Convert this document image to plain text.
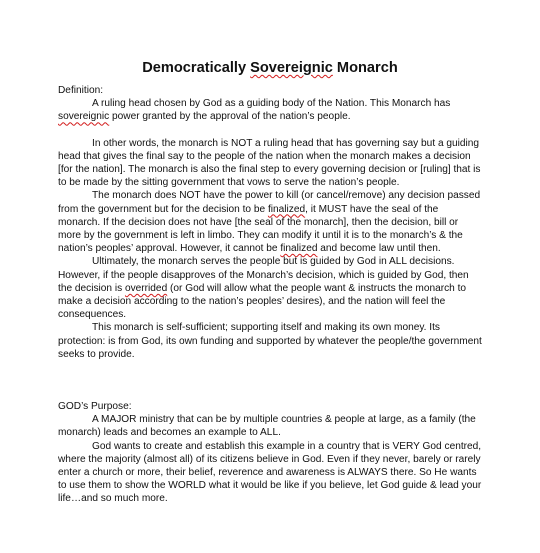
Democratically Sovereignic Monarch

Definition:

A ruling head chosen by God as a guiding body of the Nation. This Monarch has sovereignic power granted by the approval of the nation’s people.

In other words, the monarch is NOT a ruling head that has governing say but a guiding head that gives the final say to the people of the nation when the monarch makes a decision [for the nation]. The monarch is also the final step to every governing decision or [ruling] that is to be made by the sitting government that vows to serve the nation’s people.

The monarch does NOT have the power to kill (or cancel/remove) any decision passed from the government but for the decision to be finalized, it MUST have the seal of the monarch. If the decision does not have [the seal of the monarch], then the decision, bill or more by the government is left in limbo. They can modify it until it is to the monarch’s & the nation’s peoples’ approval. However, it cannot be finalized and become law until then.

Ultimately, the monarch serves the people but is guided by God in ALL decisions. However, if the people disapproves of the Monarch’s decision, which is guided by God, then the decision is overrided (or God will allow what the people want & instructs the monarch to make a decision according to the nation’s peoples’ desires), and the nation will feel the consequences.

This monarch is self-sufficient; supporting itself and making its own money. Its protection: is from God, its own funding and supported by whatever the people/the government seeks to provide.

GOD’s Purpose:

A MAJOR ministry that can be by multiple countries & people at large, as a family (the monarch) leads and becomes an example to ALL.

God wants to create and establish this example in a country that is VERY God centred, where the majority (almost all) of its citizens believe in God. Even if they never, barely or rarely enter a church or more, their belief, reverence and awareness is ALWAYS there. So He wants to use them to show the WORLD what it would be like if you believe, let God guide & lead your life…and so much more.
